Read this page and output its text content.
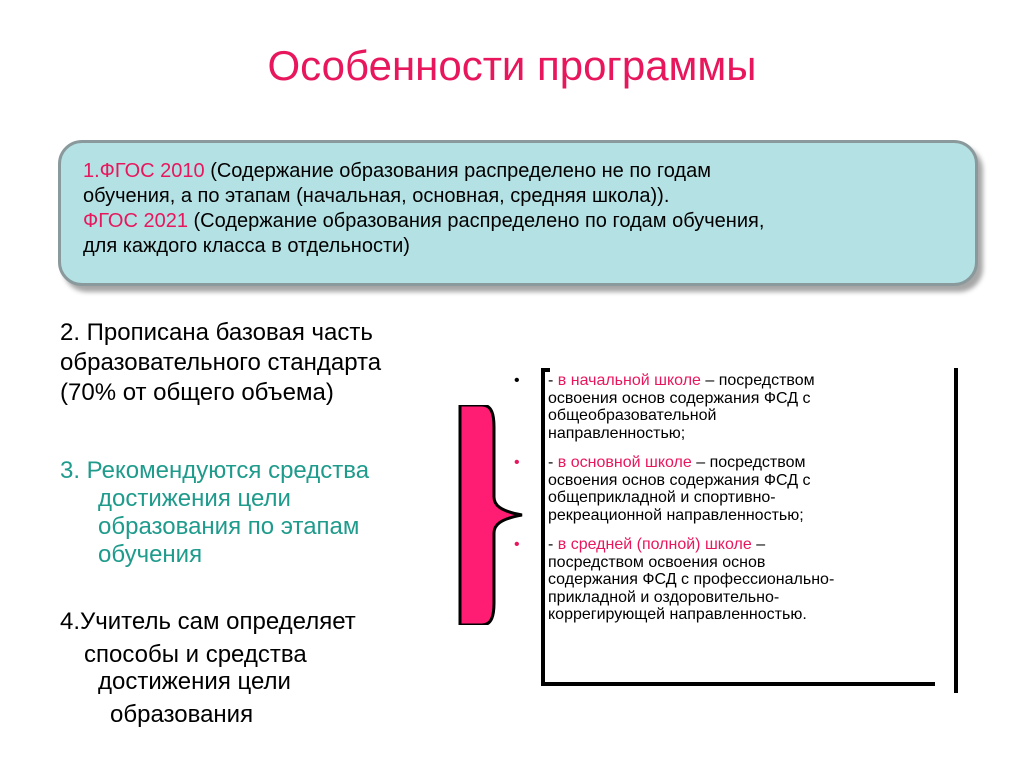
Особенности программы
1.ФГОС 2010 (Содержание образования распределено не по годам
обучения, а по этапам (начальная, основная, средняя школа)).
ФГОС 2021 (Содержание образования распределено по годам обучения,
для каждого класса в отдельности)
2. Прописана базовая часть
образовательного стандарта
(70% от общего объема)
3. Рекомендуются средства
достижения цели
образования по этапам
обучения
4.Учитель сам определяет
способы и средства
достижения цели
образования
• - в начальной школе – посредством
освоения основ содержания ФСД с
общеобразовательной
направленностью;
• - в основной школе – посредством
освоения основ содержания ФСД с
общеприкладной и спортивно-
рекреационной направленностью;
• - в средней (полной) школе –
посредством освоения основ
содержания ФСД с профессионально-
прикладной и оздоровительно-
коррегирующей направленностью.
